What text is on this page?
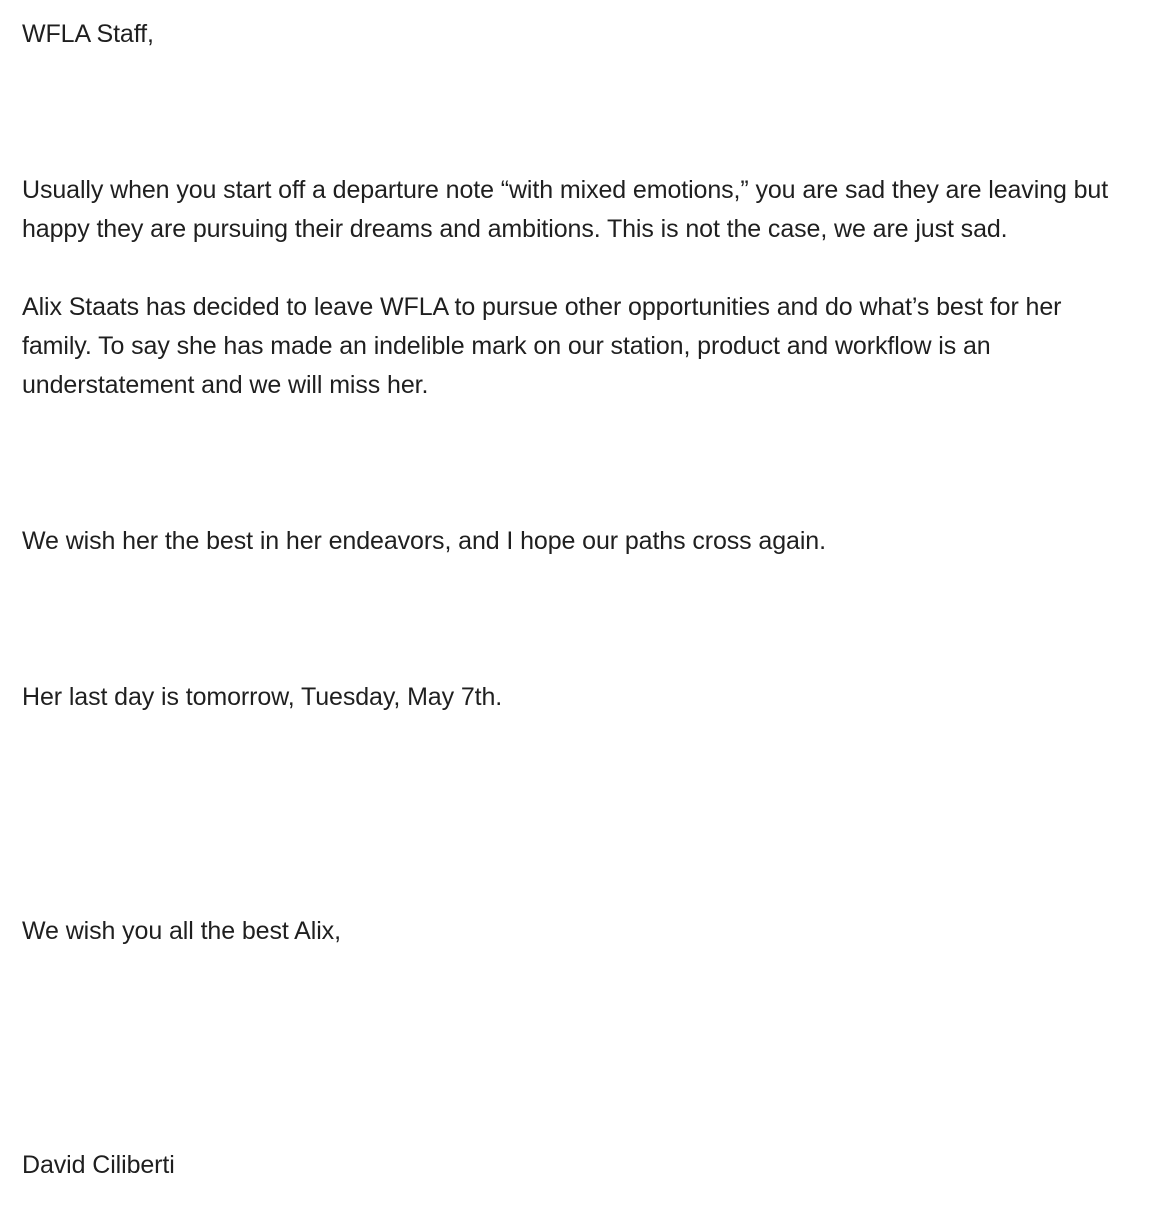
WFLA Staff,

Usually when you start off a departure note “with mixed emotions,” you are sad they are leaving but happy they are pursuing their dreams and ambitions. This is not the case, we are just sad.

Alix Staats has decided to leave WFLA to pursue other opportunities and do what’s best for her family. To say she has made an indelible mark on our station, product and workflow is an understatement and we will miss her.

We wish her the best in her endeavors, and I hope our paths cross again.

Her last day is tomorrow, Tuesday, May 7th.

We wish you all the best Alix,

David Ciliberti
